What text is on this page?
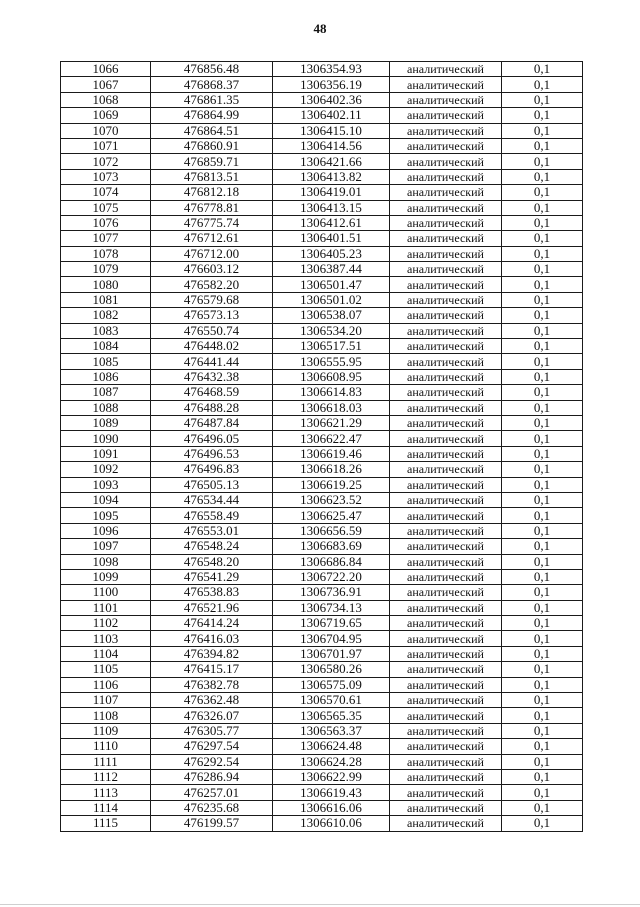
48
1066	476856.48	1306354.93	аналитический	0,1
1067	476868.37	1306356.19	аналитический	0,1
1068	476861.35	1306402.36	аналитический	0,1
1069	476864.99	1306402.11	аналитический	0,1
1070	476864.51	1306415.10	аналитический	0,1
1071	476860.91	1306414.56	аналитический	0,1
1072	476859.71	1306421.66	аналитический	0,1
1073	476813.51	1306413.82	аналитический	0,1
1074	476812.18	1306419.01	аналитический	0,1
1075	476778.81	1306413.15	аналитический	0,1
1076	476775.74	1306412.61	аналитический	0,1
1077	476712.61	1306401.51	аналитический	0,1
1078	476712.00	1306405.23	аналитический	0,1
1079	476603.12	1306387.44	аналитический	0,1
1080	476582.20	1306501.47	аналитический	0,1
1081	476579.68	1306501.02	аналитический	0,1
1082	476573.13	1306538.07	аналитический	0,1
1083	476550.74	1306534.20	аналитический	0,1
1084	476448.02	1306517.51	аналитический	0,1
1085	476441.44	1306555.95	аналитический	0,1
1086	476432.38	1306608.95	аналитический	0,1
1087	476468.59	1306614.83	аналитический	0,1
1088	476488.28	1306618.03	аналитический	0,1
1089	476487.84	1306621.29	аналитический	0,1
1090	476496.05	1306622.47	аналитический	0,1
1091	476496.53	1306619.46	аналитический	0,1
1092	476496.83	1306618.26	аналитический	0,1
1093	476505.13	1306619.25	аналитический	0,1
1094	476534.44	1306623.52	аналитический	0,1
1095	476558.49	1306625.47	аналитический	0,1
1096	476553.01	1306656.59	аналитический	0,1
1097	476548.24	1306683.69	аналитический	0,1
1098	476548.20	1306686.84	аналитический	0,1
1099	476541.29	1306722.20	аналитический	0,1
1100	476538.83	1306736.91	аналитический	0,1
1101	476521.96	1306734.13	аналитический	0,1
1102	476414.24	1306719.65	аналитический	0,1
1103	476416.03	1306704.95	аналитический	0,1
1104	476394.82	1306701.97	аналитический	0,1
1105	476415.17	1306580.26	аналитический	0,1
1106	476382.78	1306575.09	аналитический	0,1
1107	476362.48	1306570.61	аналитический	0,1
1108	476326.07	1306565.35	аналитический	0,1
1109	476305.77	1306563.37	аналитический	0,1
1110	476297.54	1306624.48	аналитический	0,1
1111	476292.54	1306624.28	аналитический	0,1
1112	476286.94	1306622.99	аналитический	0,1
1113	476257.01	1306619.43	аналитический	0,1
1114	476235.68	1306616.06	аналитический	0,1
1115	476199.57	1306610.06	аналитический	0,1
